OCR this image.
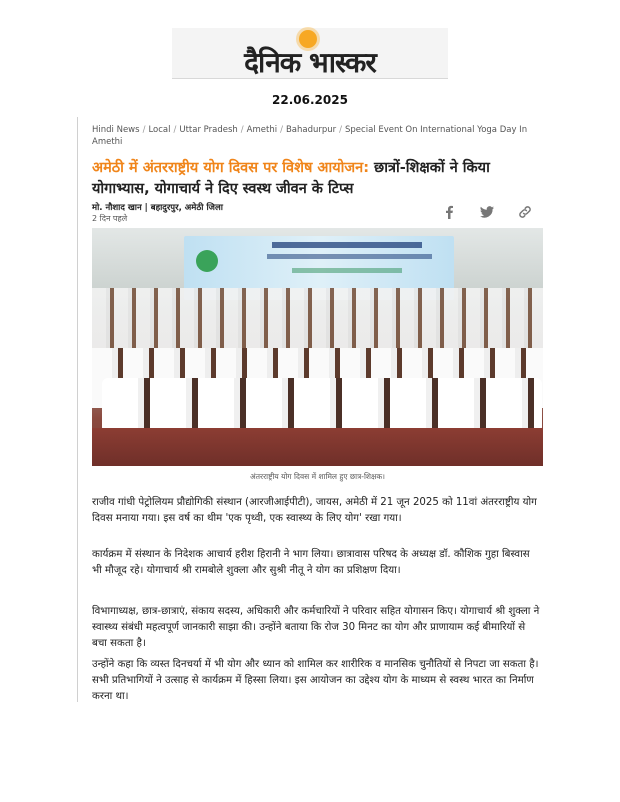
दैनिक भास्कर
22.06.2025
Hindi News / Local / Uttar Pradesh / Amethi / Bahadurpur / Special Event On International Yoga Day In Amethi
अमेठी में अंतरराष्ट्रीय योग दिवस पर विशेष आयोजन: छात्रों-शिक्षकों ने किया योगाभ्यास, योगाचार्य ने दिए स्वस्थ जीवन के टिप्स
मो. नौशाद खान | बहादुरपुर, अमेठी जिला
2 दिन पहले
अंतरराष्ट्रीय योग दिवस में शामिल हुए छात्र-शिक्षक।

राजीव गांधी पेट्रोलियम प्रौद्योगिकी संस्थान (आरजीआईपीटी), जायस, अमेठी में 21 जून 2025 को 11वां अंतरराष्ट्रीय योग दिवस मनाया गया। इस वर्ष का थीम 'एक पृथ्वी, एक स्वास्थ्य के लिए योग' रखा गया।

कार्यक्रम में संस्थान के निदेशक आचार्य हरीश हिरानी ने भाग लिया। छात्रावास परिषद के अध्यक्ष डॉ. कौशिक गुहा बिस्वास भी मौजूद रहे। योगाचार्य श्री रामबोले शुक्ला और सुश्री नीतू ने योग का प्रशिक्षण दिया।

विभागाध्यक्ष, छात्र-छात्राएं, संकाय सदस्य, अधिकारी और कर्मचारियों ने परिवार सहित योगासन किए। योगाचार्य श्री शुक्ला ने स्वास्थ्य संबंधी महत्वपूर्ण जानकारी साझा की। उन्होंने बताया कि रोज 30 मिनट का योग और प्राणायाम कई बीमारियों से बचा सकता है।

उन्होंने कहा कि व्यस्त दिनचर्या में भी योग और ध्यान को शामिल कर शारीरिक व मानसिक चुनौतियों से निपटा जा सकता है। सभी प्रतिभागियों ने उत्साह से कार्यक्रम में हिस्सा लिया। इस आयोजन का उद्देश्य योग के माध्यम से स्वस्थ भारत का निर्माण करना था।
